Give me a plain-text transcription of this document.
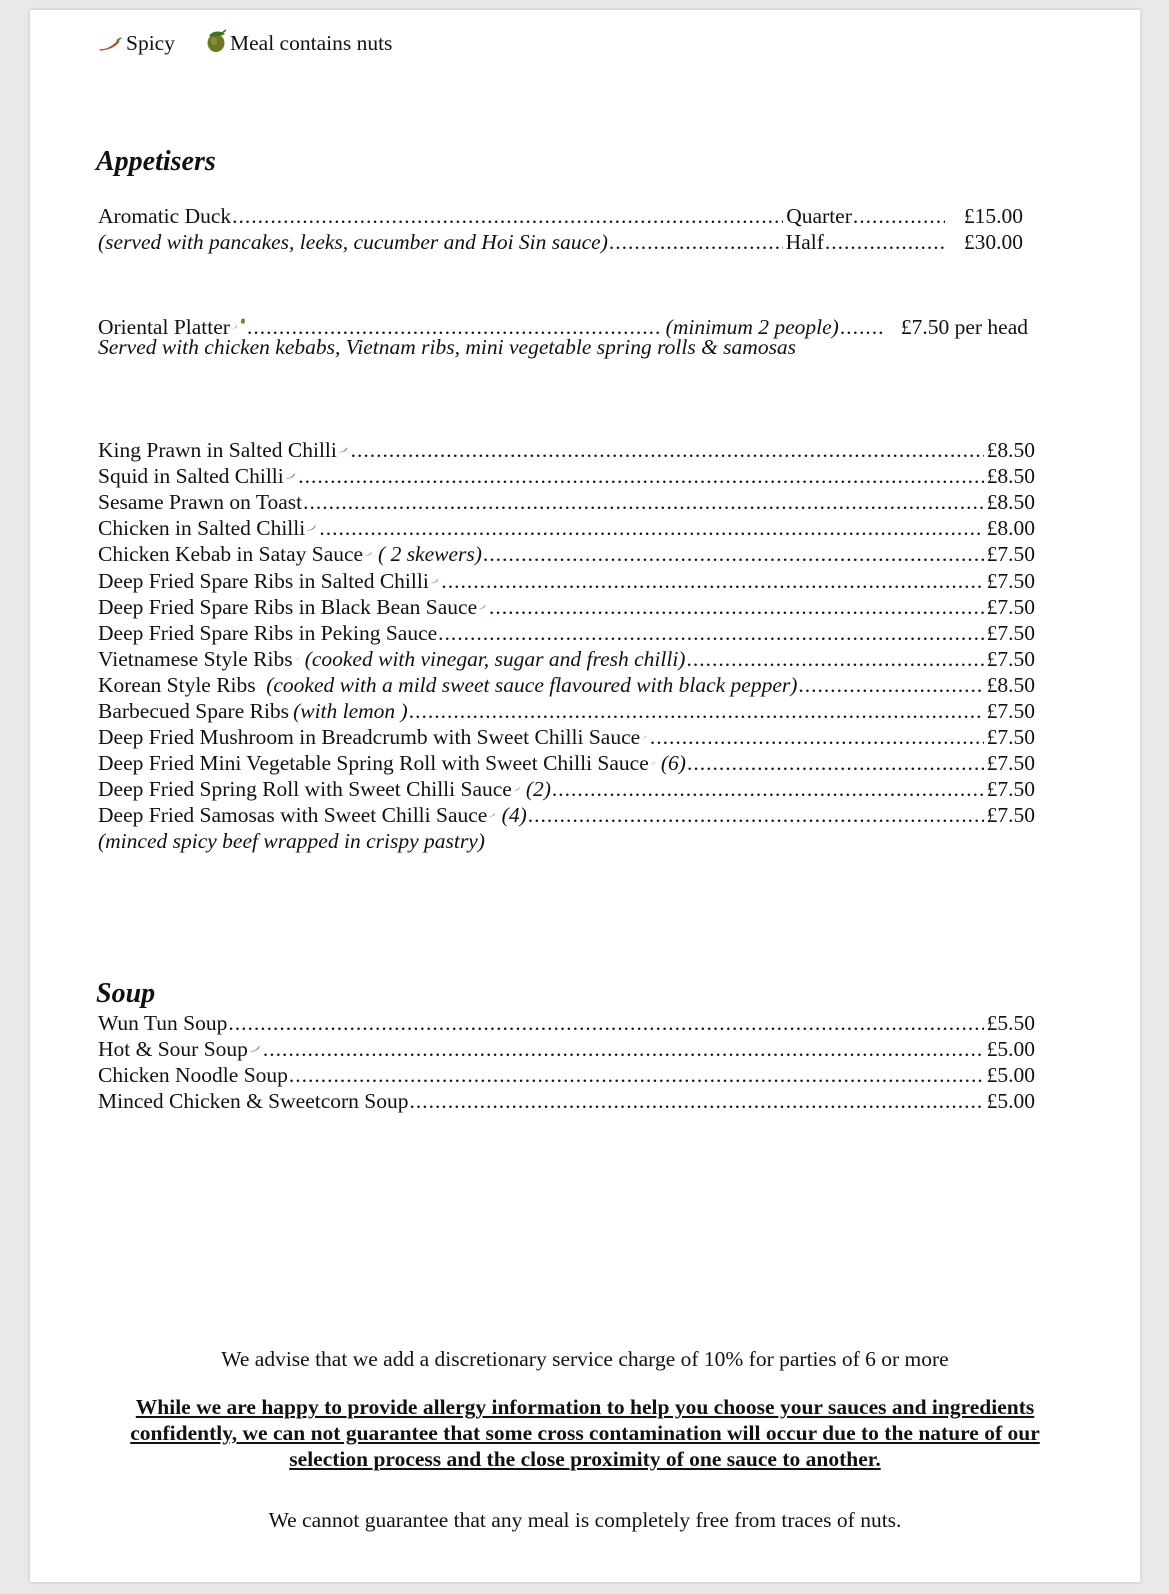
Spicy	Meal contains nuts
Appetisers
Aromatic Duck .....	Quarter .....	£15.00
(served with pancakes, leeks, cucumber and Hoi Sin sauce) .....	Half .....	£30.00
Oriental Platter .....	(minimum 2 people) .....	£7.50 per head
Served with chicken kebabs, Vietnam ribs, mini vegetable spring rolls & samosas
King Prawn in Salted Chilli .....	£8.50
Squid in Salted Chilli .....	£8.50
Sesame Prawn on Toast .....	£8.50
Chicken in Salted Chilli .....	£8.00
Chicken Kebab in Satay Sauce ( 2 skewers) .....	£7.50
Deep Fried Spare Ribs in Salted Chilli .....	£7.50
Deep Fried Spare Ribs in Black Bean Sauce .....	£7.50
Deep Fried Spare Ribs in Peking Sauce .....	£7.50
Vietnamese Style Ribs (cooked with vinegar, sugar and fresh chilli) .....	£7.50
Korean Style Ribs (cooked with a mild sweet sauce flavoured with black pepper) .....	£8.50
Barbecued Spare Ribs (with lemon ) .....	£7.50
Deep Fried Mushroom in Breadcrumb with Sweet Chilli Sauce .....	£7.50
Deep Fried Mini Vegetable Spring Roll with Sweet Chilli Sauce (6) .....	£7.50
Deep Fried Spring Roll with Sweet Chilli Sauce (2) .....	£7.50
Deep Fried Samosas with Sweet Chilli Sauce (4) .....	£7.50
(minced spicy beef wrapped in crispy pastry)
Soup
Wun Tun Soup .....	£5.50
Hot & Sour Soup .....	£5.00
Chicken Noodle Soup .....	£5.00
Minced Chicken & Sweetcorn Soup .....	£5.00
We advise that we add a discretionary service charge of 10% for parties of 6 or more
While we are happy to provide allergy information to help you choose your sauces and ingredients
confidently, we can not guarantee that some cross contamination will occur due to the nature of our
selection process and the close proximity of one sauce to another.
We cannot guarantee that any meal is completely free from traces of nuts.
